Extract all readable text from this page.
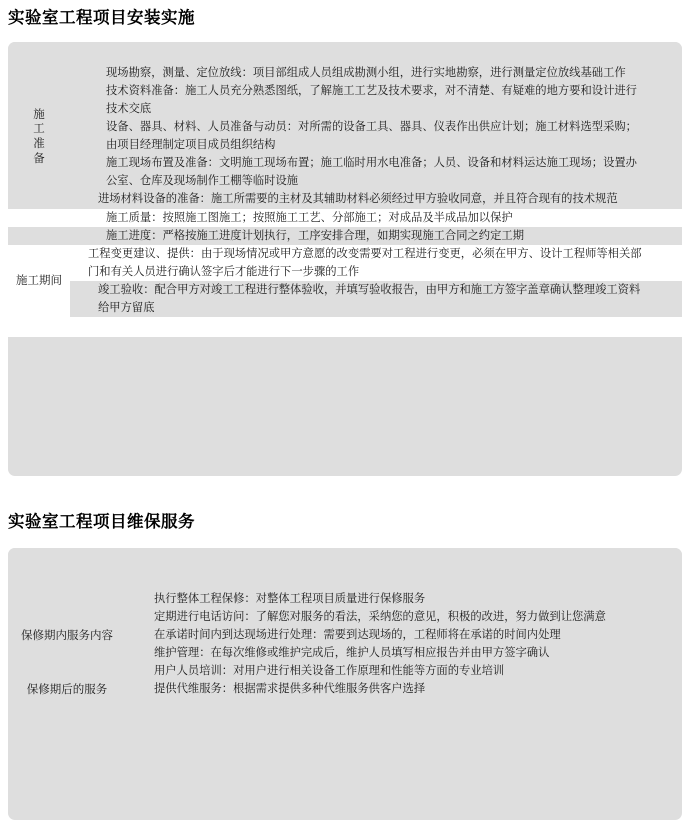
实验室工程项目安装实施

施工准备	现场勘察，测量、定位放线：项目部组成人员组成勘测小组，进行实地勘察，进行测量定位放线基础工作

	技术资料准备：施工人员充分熟悉图纸，了解施工工艺及技术要求，对不清楚、有疑难的地方要和设计进行技术交底

	设备、器具、材料、人员准备与动员：对所需的设备工具、器具、仪表作出供应计划；施工材料选型采购；由项目经理制定项目成员组织结构

	施工现场布置及准备：文明施工现场布置；施工临时用水电准备；人员、设备和材料运达施工现场；设置办公室、仓库及现场制作工棚等临时设施

	进场材料设备的准备：施工所需要的主材及其辅助材料必须经过甲方验收同意，并且符合现有的技术规范

	施工质量：按照施工图施工；按照施工工艺、分部施工；对成品及半成品加以保护

	施工进度：严格按施工进度计划执行，工序安排合理，如期实现施工合同之约定工期

施工期间	工程变更建议、提供：由于现场情况或甲方意愿的改变需要对工程进行变更，必须在甲方、设计工程师等相关部门和有关人员进行确认签字后才能进行下一步骤的工作

	竣工验收：配合甲方对竣工工程进行整体验收，并填写验收报告，由甲方和施工方签字盖章确认整理竣工资料给甲方留底

实验室工程项目维保服务

保修期内服务内容	执行整体工程保修：对整体工程项目质量进行保修服务

	定期进行电话访问：了解您对服务的看法，采纳您的意见，积极的改进，努力做到让您满意

	在承诺时间内到达现场进行处理：需要到达现场的，工程师将在承诺的时间内处理

	维护管理：在每次维修或维护完成后，维护人员填写相应报告并由甲方签字确认

	用户人员培训：对用户进行相关设备工作原理和性能等方面的专业培训

保修期后的服务	提供代维服务：根据需求提供多种代维服务供客户选择
